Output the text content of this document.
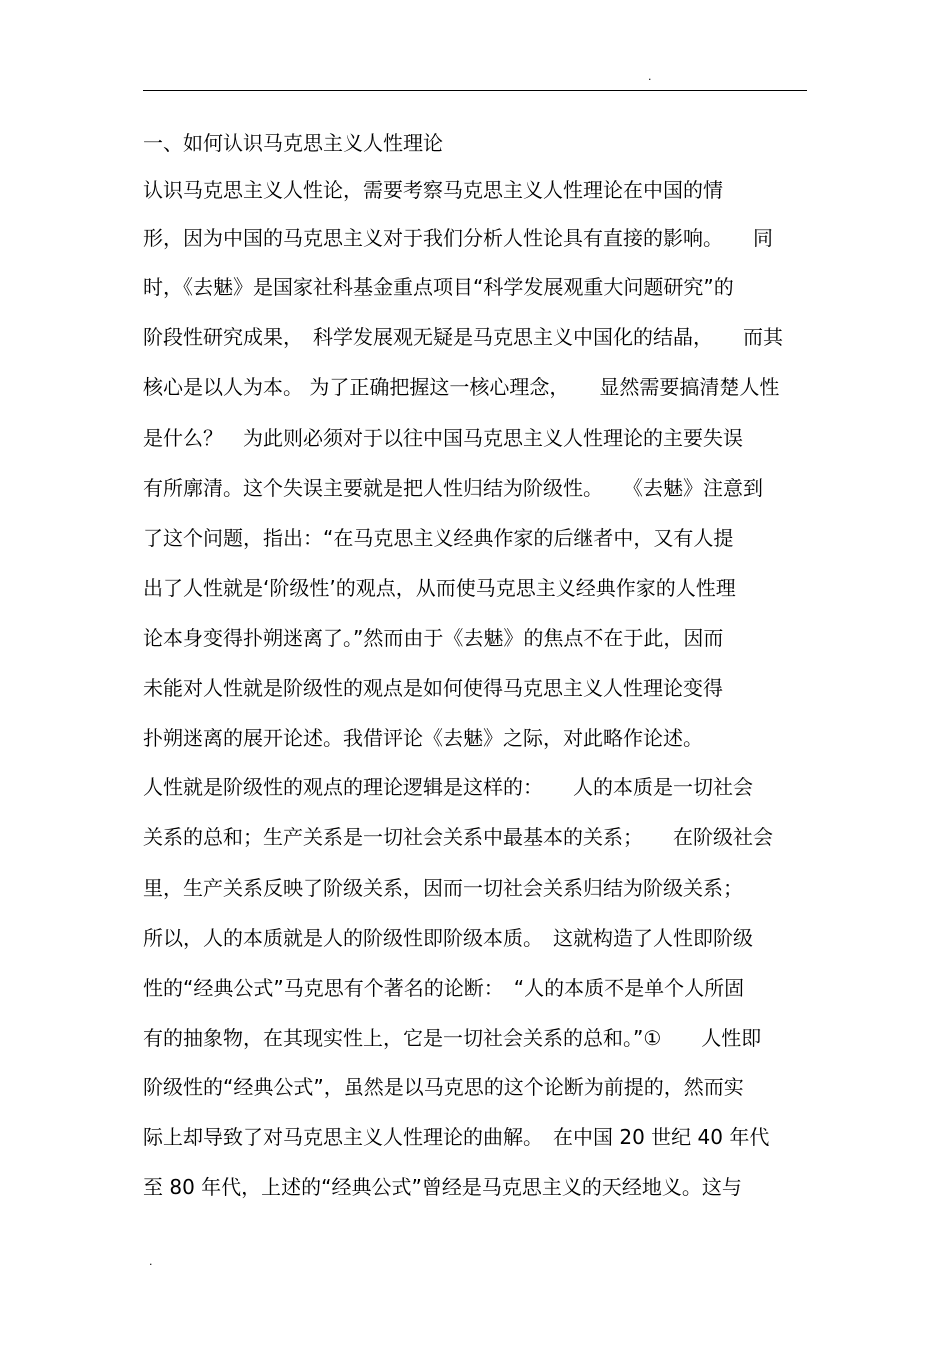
.
一、如何认识马克思主义人性理论
认识马克思主义人性论，需要考察马克思主义人性理论在中国的情
形，因为中国的马克思主义对于我们分析人性论具有直接的影响。　　同
时，《去魅》是国家社科基金重点项目“科学发展观重大问题研究”的
阶段性研究成果，　科学发展观无疑是马克思主义中国化的结晶，　　而其
核心是以人为本。 为了正确把握这一核心理念，　　显然需要搞清楚人性
是什么？　为此则必须对于以往中国马克思主义人性理论的主要失误
有所廓清。这个失误主要就是把人性归结为阶级性。　　《去魅》注意到
了这个问题，指出：“在马克思主义经典作家的后继者中，又有人提
出了人性就是‘阶级性’的观点，从而使马克思主义经典作家的人性理
论本身变得扑朔迷离了。”然而由于《去魅》的焦点不在于此，因而
未能对人性就是阶级性的观点是如何使得马克思主义人性理论变得
扑朔迷离的展开论述。我借评论《去魅》之际，对此略作论述。
人性就是阶级性的观点的理论逻辑是这样的：　　人的本质是一切社会
关系的总和；生产关系是一切社会关系中最基本的关系；　　在阶级社会
里，生产关系反映了阶级关系，因而一切社会关系归结为阶级关系；
所以，人的本质就是人的阶级性即阶级本质。　这就构造了人性即阶级
性的“经典公式”马克思有个著名的论断：　“人的本质不是单个人所固
有的抽象物，在其现实性上，它是一切社会关系的总和。”①　　人性即
阶级性的“经典公式”，虽然是以马克思的这个论断为前提的，然而实
际上却导致了对马克思主义人性理论的曲解。　在中国 20 世纪 40 年代
至 80 年代，上述的“经典公式”曾经是马克思主义的天经地义。这与
.
